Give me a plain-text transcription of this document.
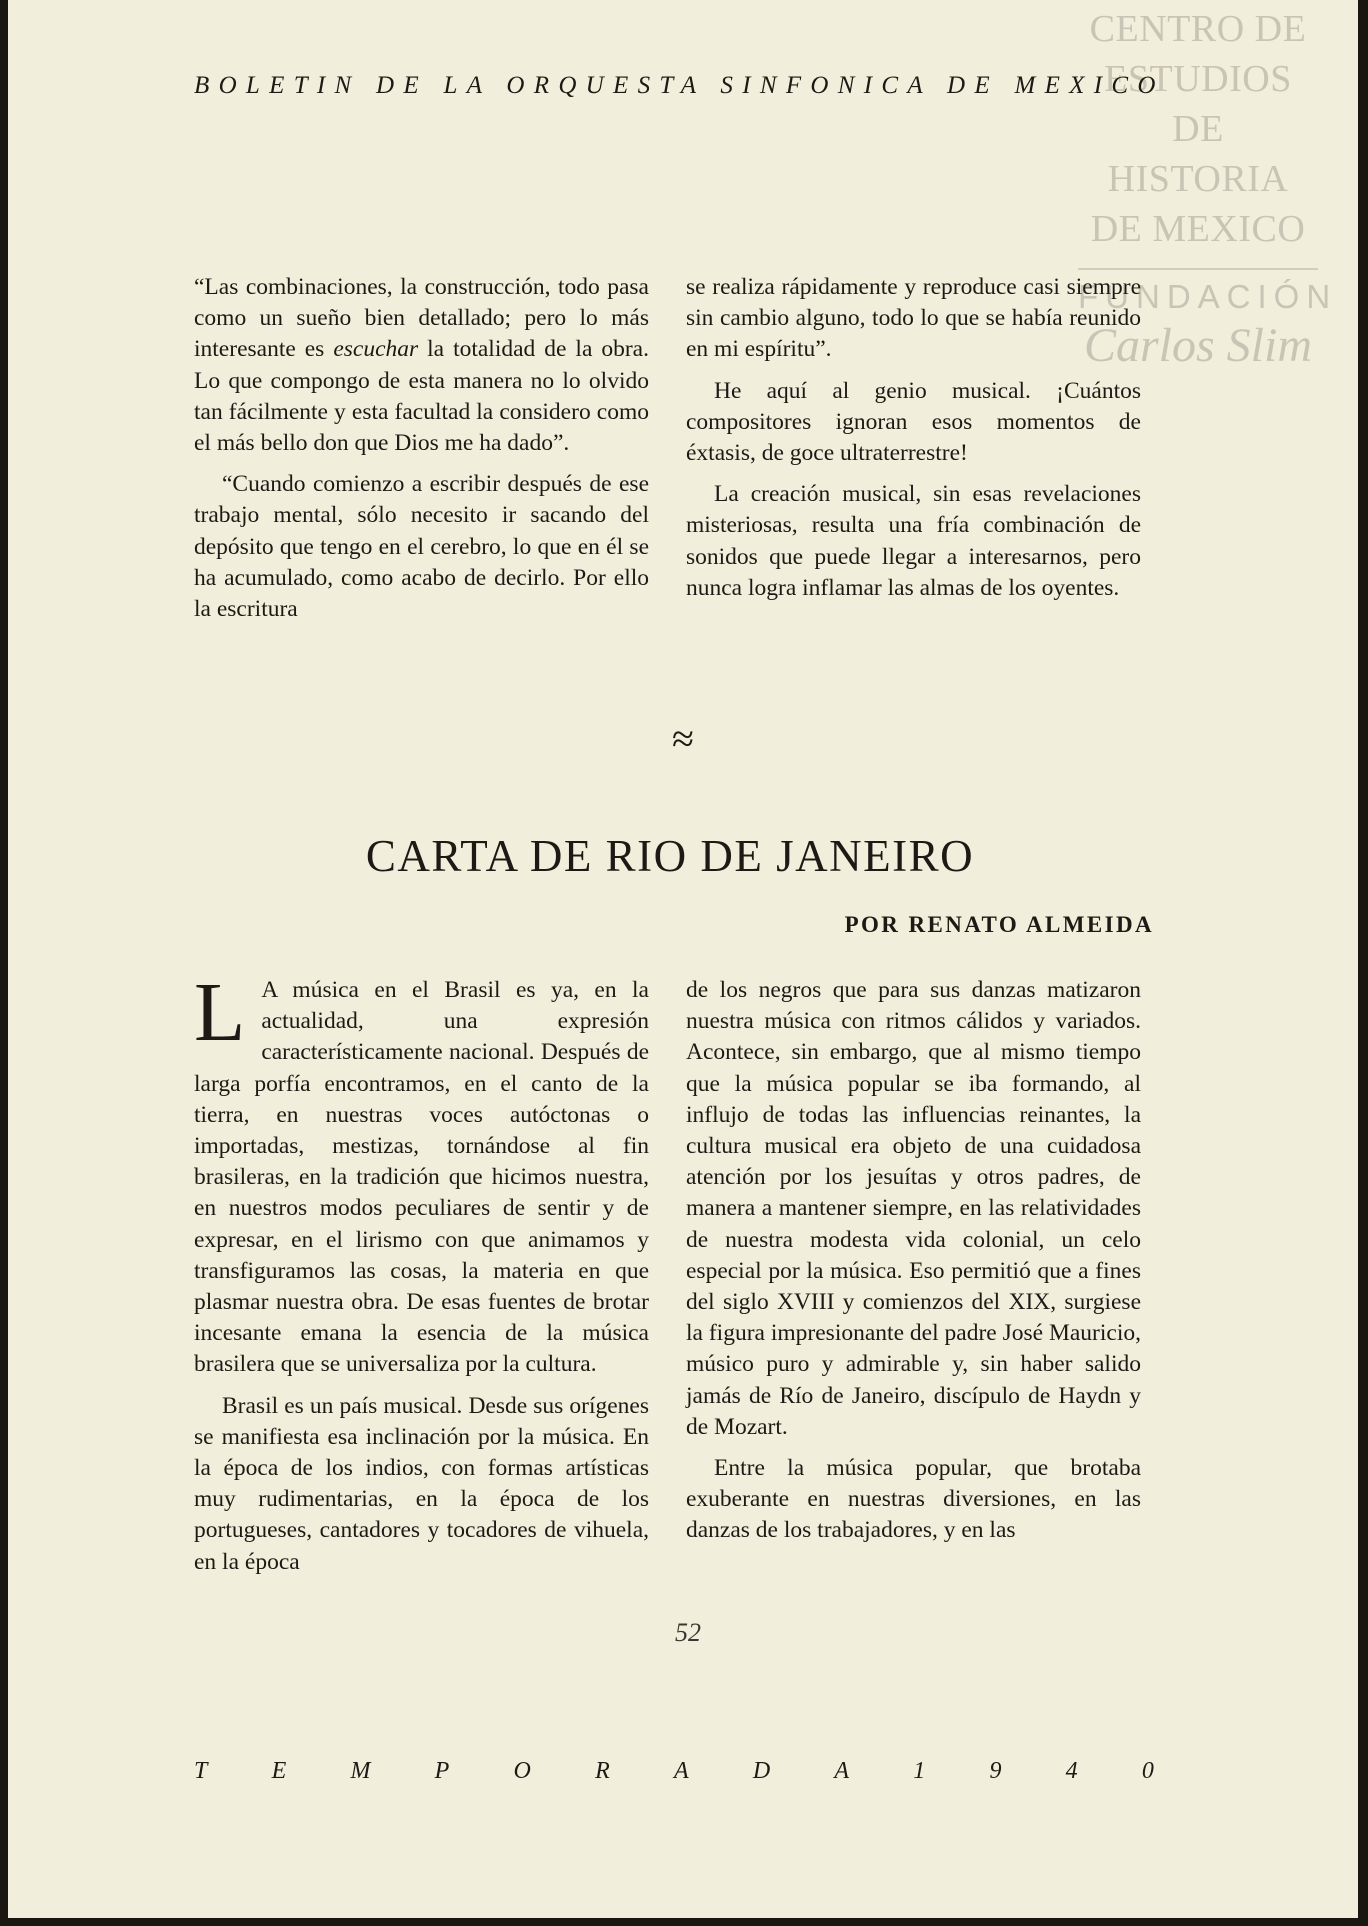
CENTRO DE
ESTUDIOS
DE HISTORIA
DE MEXICO
FUNDACIÓN
Carlos Slim
BOLETIN DE LA ORQUESTA SINFONICA DE MEXICO

“Las combinaciones, la construcción, todo pasa como un sueño bien detallado; pero lo más interesante es escuchar la totalidad de la obra. Lo que compongo de esta manera no lo olvido tan fácilmente y esta facultad la considero como el más bello don que Dios me ha dado”.

“Cuando comienzo a escribir después de ese trabajo mental, sólo necesito ir sacando del depósito que tengo en el cerebro, lo que en él se ha acumulado, como acabo de decirlo. Por ello la escritura

se realiza rápidamente y reproduce casi siempre sin cambio alguno, todo lo que se había reunido en mi espíritu”.

He aquí al genio musical. ¡Cuántos compositores ignoran esos momentos de éxtasis, de goce ultraterrestre!

La creación musical, sin esas revelaciones misteriosas, resulta una fría combinación de sonidos que puede llegar a interesarnos, pero nunca logra inflamar las almas de los oyentes.

≈
CARTA DE RIO DE JANEIRO
POR RENATO ALMEIDA

L A música en el Brasil es ya, en la actualidad, una expresión característicamente nacional. Después de larga porfía encontramos, en el canto de la tierra, en nuestras voces autóctonas o importadas, mestizas, tornándose al fin brasileras, en la tradición que hicimos nuestra, en nuestros modos peculiares de sentir y de expresar, en el lirismo con que animamos y transfiguramos las cosas, la materia en que plasmar nuestra obra. De esas fuentes de brotar incesante emana la esencia de la música brasilera que se universaliza por la cultura.

Brasil es un país musical. Desde sus orígenes se manifiesta esa inclinación por la música. En la época de los indios, con formas artísticas muy rudimentarias, en la época de los portugueses, cantadores y tocadores de vihuela, en la época

de los negros que para sus danzas matizaron nuestra música con ritmos cálidos y variados. Acontece, sin embargo, que al mismo tiempo que la música popular se iba formando, al influjo de todas las influencias reinantes, la cultura musical era objeto de una cuidadosa atención por los jesuítas y otros padres, de manera a mantener siempre, en las relatividades de nuestra modesta vida colonial, un celo especial por la música. Eso permitió que a fines del siglo XVIII y comienzos del XIX, surgiese la figura impresionante del padre José Mauricio, músico puro y admirable y, sin haber salido jamás de Río de Janeiro, discípulo de Haydn y de Mozart.

Entre la música popular, que brotaba exuberante en nuestras diversiones, en las danzas de los trabajadores, y en las

52
T	E	M	P	O	R	A	D	A	1	9	4	0
